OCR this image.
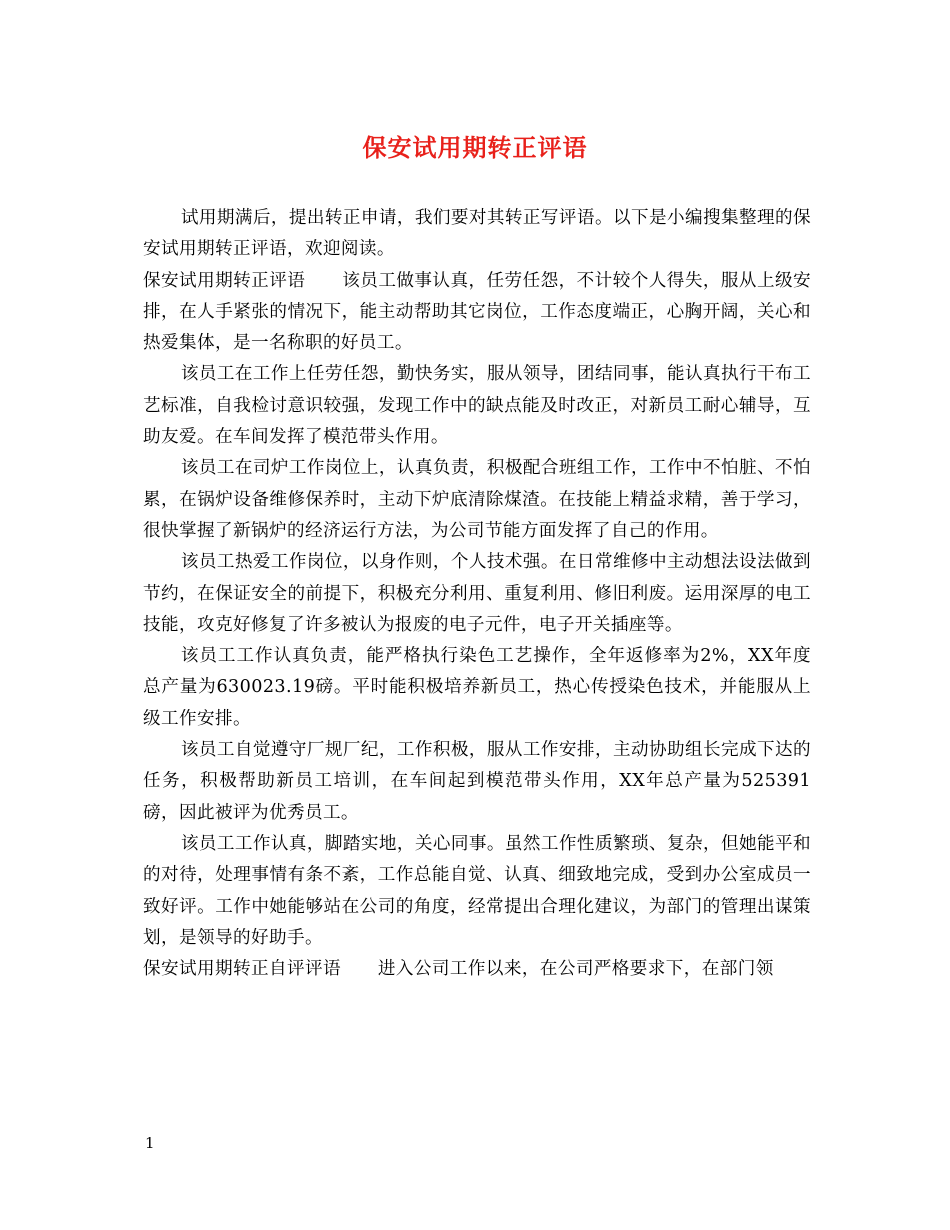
保安试用期转正评语

试用期满后，提出转正申请，我们要对其转正写评语。以下是小编搜集整理的保安试用期转正评语，欢迎阅读。

保安试用期转正评语 该员工做事认真，任劳任怨，不计较个人得失，服从上级安排，在人手紧张的情况下，能主动帮助其它岗位，工作态度端正，心胸开阔，关心和热爱集体，是一名称职的好员工。

该员工在工作上任劳任怨，勤快务实，服从领导，团结同事，能认真执行干布工艺标准，自我检讨意识较强，发现工作中的缺点能及时改正，对新员工耐心辅导，互助友爱。在车间发挥了模范带头作用。

该员工在司炉工作岗位上，认真负责，积极配合班组工作，工作中不怕脏、不怕累，在锅炉设备维修保养时，主动下炉底清除煤渣。在技能上精益求精，善于学习，很快掌握了新锅炉的经济运行方法，为公司节能方面发挥了自己的作用。

该员工热爱工作岗位，以身作则，个人技术强。在日常维修中主动想法设法做到节约，在保证安全的前提下，积极充分利用、重复利用、修旧利废。运用深厚的电工技能，攻克好修复了许多被认为报废的电子元件，电子开关插座等。

该员工工作认真负责，能严格执行染色工艺操作，全年返修率为2%，XX年度总产量为630023.19磅。平时能积极培养新员工，热心传授染色技术，并能服从上级工作安排。

该员工自觉遵守厂规厂纪，工作积极，服从工作安排，主动协助组长完成下达的任务，积极帮助新员工培训，在车间起到模范带头作用，XX年总产量为525391磅，因此被评为优秀员工。

该员工工作认真，脚踏实地，关心同事。虽然工作性质繁琐、复杂，但她能平和的对待，处理事情有条不紊，工作总能自觉、认真、细致地完成，受到办公室成员一致好评。工作中她能够站在公司的角度，经常提出合理化建议，为部门的管理出谋策划，是领导的好助手。

保安试用期转正自评评语 进入公司工作以来，在公司严格要求下，在部门领

1
